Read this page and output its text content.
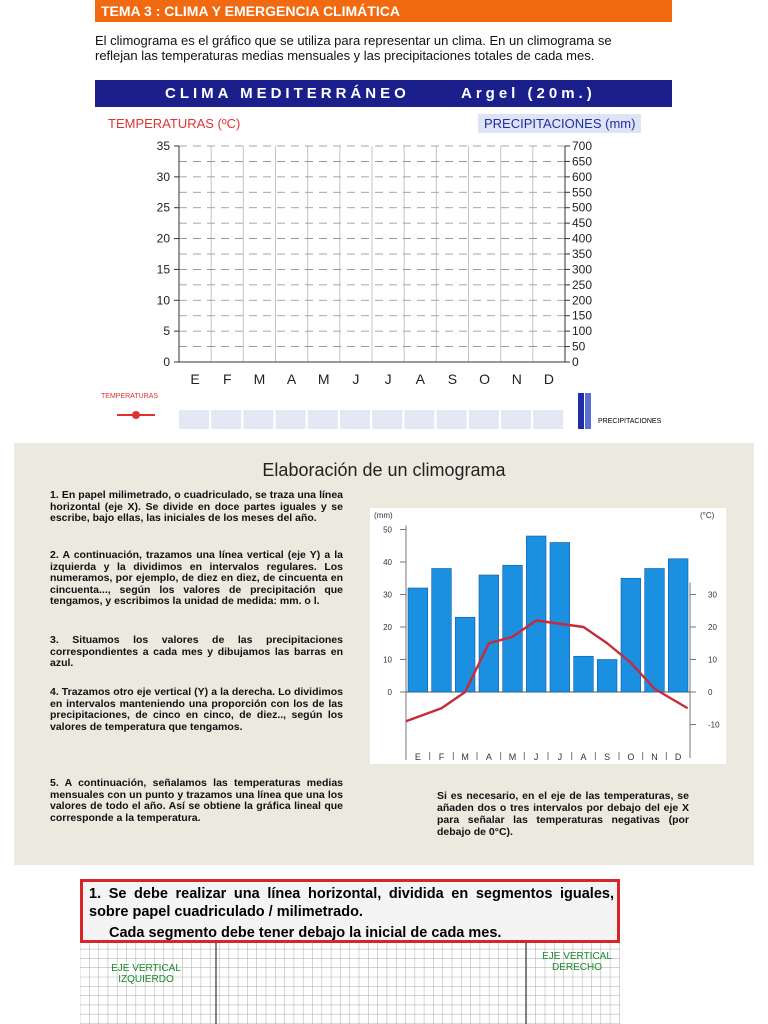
TEMA 3 : CLIMA Y EMERGENCIA CLIMÁTICA
El climograma es el gráfico que se utiliza para representar un clima. En un climograma se
reflejan las temperaturas medias mensuales y las precipitaciones totales de cada mes.
CLIMA MEDITERRÁNEO	Argel (20m.)
TEMPERATURAS (ºC)	PRECIPITACIONES (mm)
0
5
10
15
20
25
30
35
0
50
100
150
200
250
300
350
400
450
500
550
600
650
700
E F M A M J J A S O N D
TEMPERATURAS
PRECIPITACIONES
Elaboración de un climograma
1. En papel milimetrado, o cuadriculado, se traza una línea horizontal (eje X). Se divide en doce partes iguales y se escribe, bajo ellas, las iniciales de los meses del año.
2. A continuación, trazamos una línea vertical (eje Y) a la izquierda y la dividimos en intervalos regulares. Los numeramos, por ejemplo, de diez en diez, de cincuenta en cincuenta..., según los valores de precipitación que tengamos, y escribimos la unidad de medida: mm. o l.
3. Situamos los valores de las precipitaciones correspondientes a cada mes y dibujamos las barras en azul.
4. Trazamos otro eje vertical (Y) a la derecha. Lo dividimos en intervalos manteniendo una proporción con los de las precipitaciones, de cinco en cinco, de diez.., según los valores de temperatura que tengamos.
5. A continuación, señalamos las temperaturas medias mensuales con un punto y trazamos una línea que una los valores de todo el año. Así se obtiene la gráfica lineal que corresponde a la temperatura.
Si es necesario, en el eje de las temperaturas, se añaden dos o tres intervalos por debajo del eje X para señalar las temperaturas negativas (por debajo de 0°C).
(mm)	(°C)
0
10
20
30
40
50
-10
0
10
20
30
E F M A M J J A S O N D
1. Se debe realizar una línea horizontal, dividida en segmentos iguales, sobre papel cuadriculado / milimetrado.
Cada segmento debe tener debajo la inicial de cada mes.
EJE VERTICAL
IZQUIERDO
EJE VERTICAL
DERECHO
